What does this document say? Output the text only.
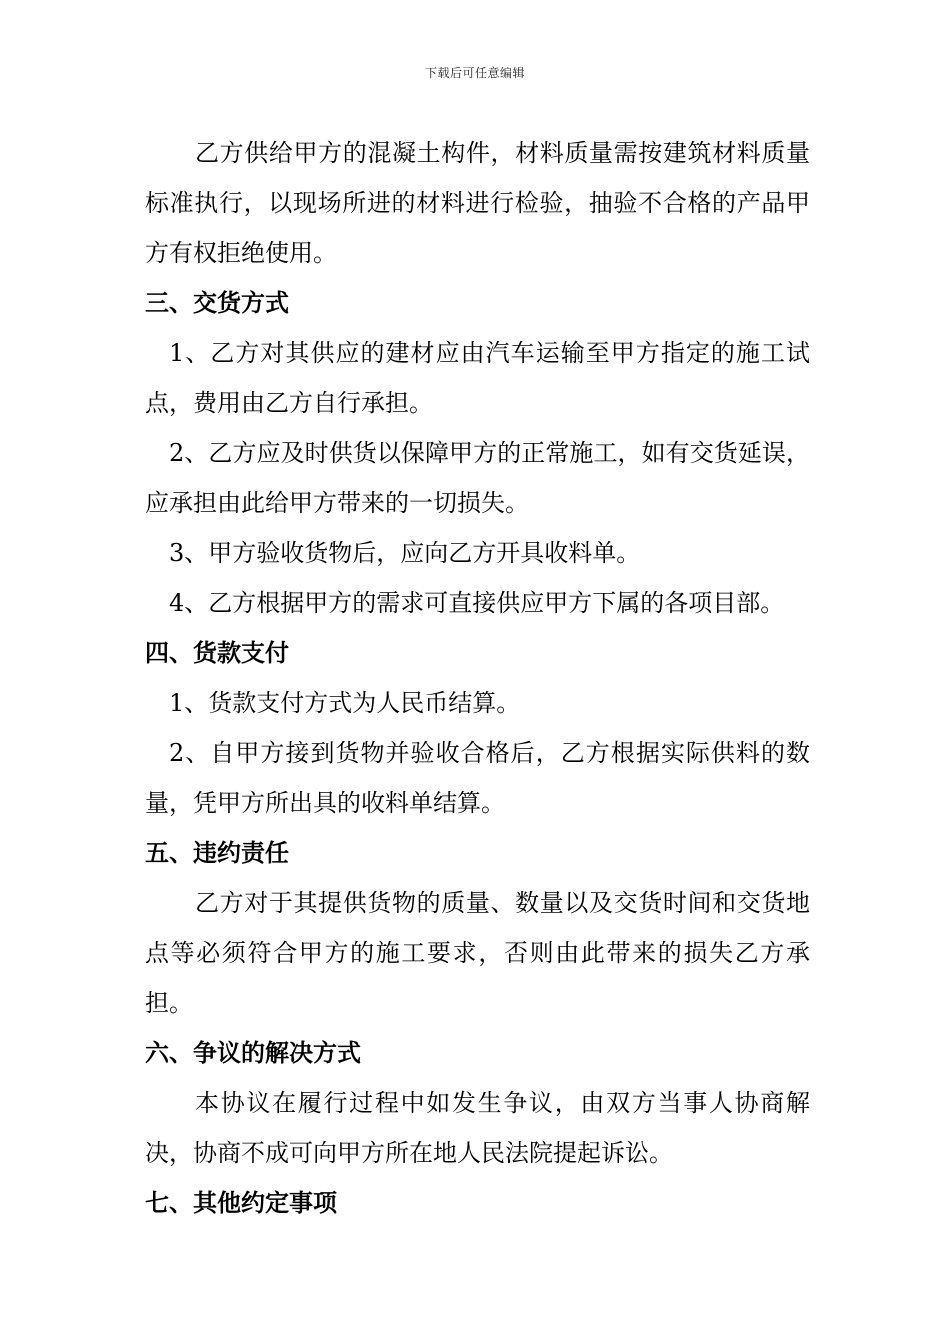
下载后可任意编辑

乙方供给甲方的混凝土构件，材料质量需按建筑材料质量标准执行，以现场所进的材料进行检验，抽验不合格的产品甲方有权拒绝使用。

三、交货方式

1、乙方对其供应的建材应由汽车运输至甲方指定的施工试点，费用由乙方自行承担。

2、乙方应及时供货以保障甲方的正常施工，如有交货延误，应承担由此给甲方带来的一切损失。

3、甲方验收货物后，应向乙方开具收料单。

4、乙方根据甲方的需求可直接供应甲方下属的各项目部。

四、货款支付

1、货款支付方式为人民币结算。

2、自甲方接到货物并验收合格后，乙方根据实际供料的数量，凭甲方所出具的收料单结算。

五、违约责任

乙方对于其提供货物的质量、数量以及交货时间和交货地点等必须符合甲方的施工要求，否则由此带来的损失乙方承担。

六、争议的解决方式

本协议在履行过程中如发生争议，由双方当事人协商解决，协商不成可向甲方所在地人民法院提起诉讼。

七、其他约定事项
